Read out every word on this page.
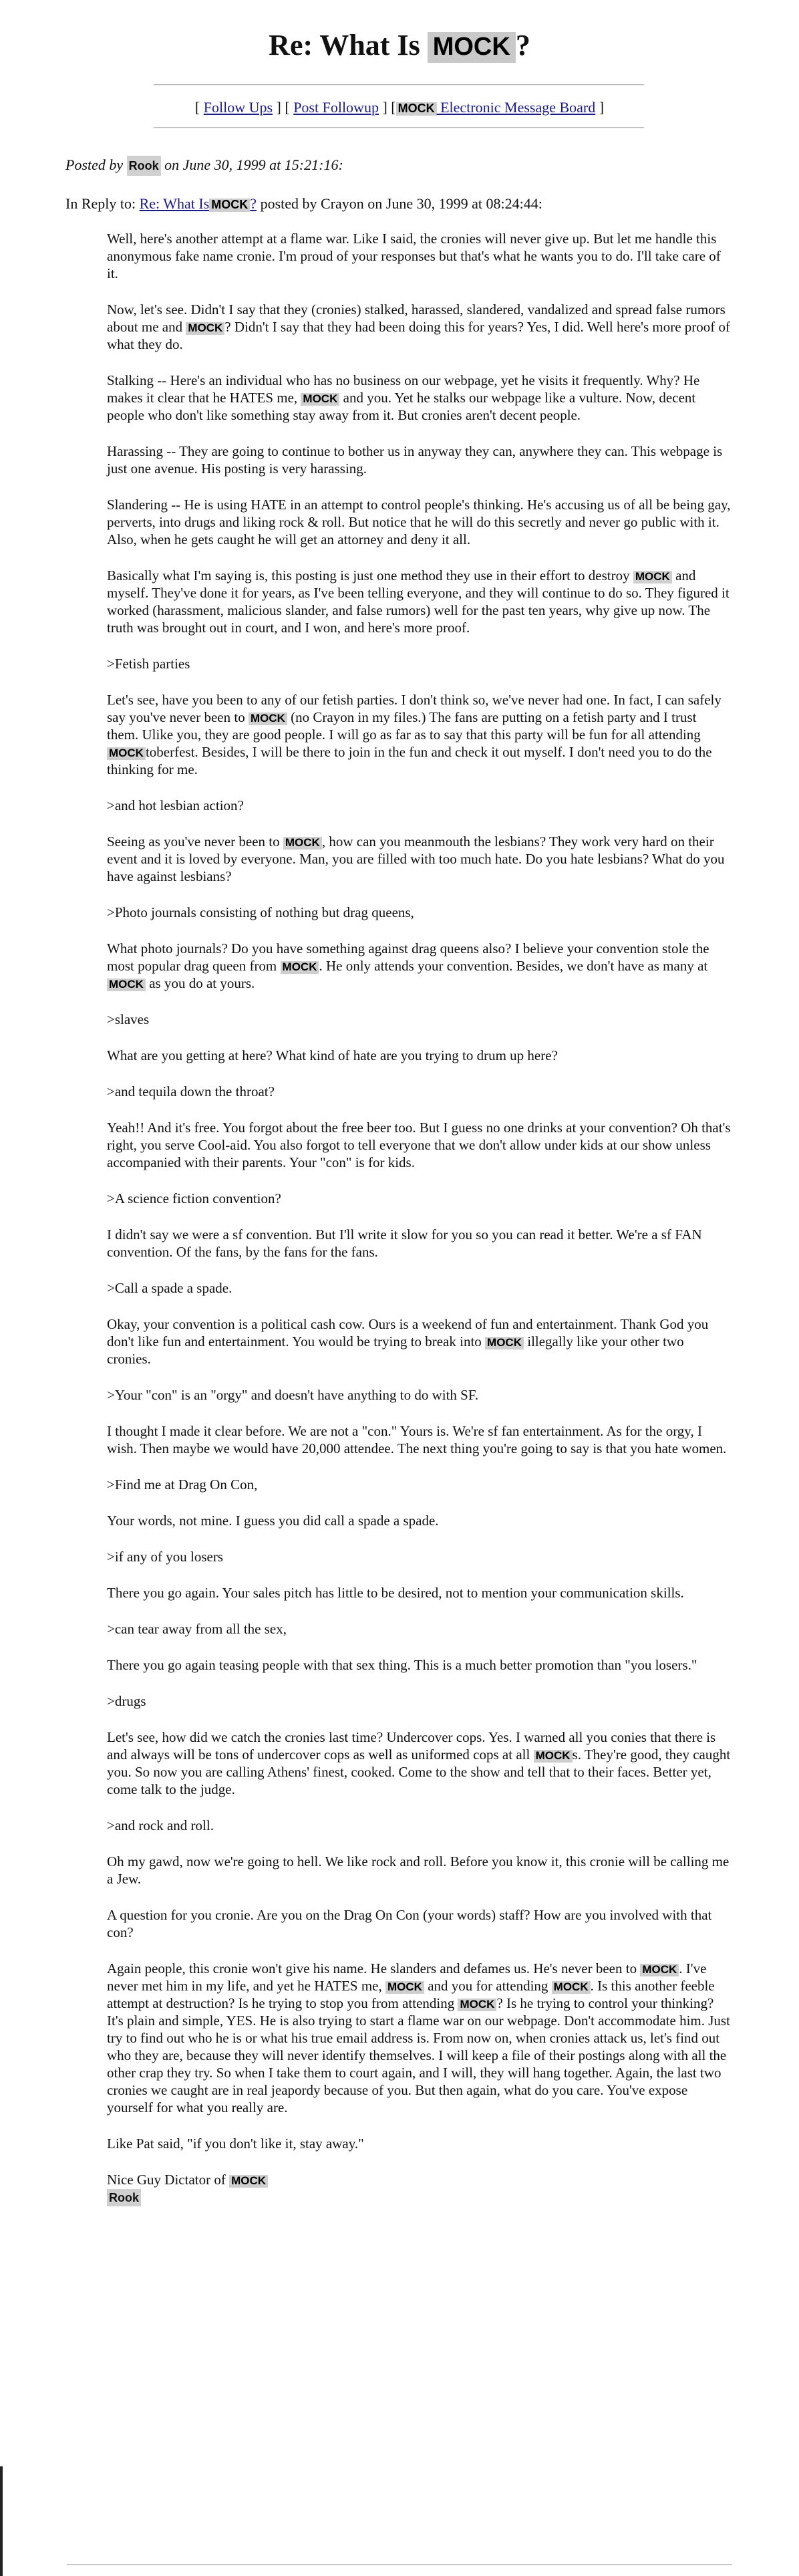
Re: What Is MOCK ?
[ Follow Ups ] [ Post Followup ] [ MOCK Electronic Message Board ]
Posted by Rook on June 30, 1999 at 15:21:16:
In Reply to: Re: What Is MOCK ? posted by Crayon on June 30, 1999 at 08:24:44:

Well, here's another attempt at a flame war. Like I said, the cronies will never give up. But let me handle this anonymous fake name cronie. I'm proud of your responses but that's what he wants you to do. I'll take care of it.

Now, let's see. Didn't I say that they (cronies) stalked, harassed, slandered, vandalized and spread false rumors about me and MOCK ? Didn't I say that they had been doing this for years? Yes, I did. Well here's more proof of what they do.

Stalking -- Here's an individual who has no business on our webpage, yet he visits it frequently. Why? He makes it clear that he HATES me, MOCK and you. Yet he stalks our webpage like a vulture. Now, decent people who don't like something stay away from it. But cronies aren't decent people.

Harassing -- They are going to continue to bother us in anyway they can, anywhere they can. This webpage is just one avenue. His posting is very harassing.

Slandering -- He is using HATE in an attempt to control people's thinking. He's accusing us of all be being gay, perverts, into drugs and liking rock & roll. But notice that he will do this secretly and never go public with it. Also, when he gets caught he will get an attorney and deny it all.

Basically what I'm saying is, this posting is just one method they use in their effort to destroy MOCK and myself. They've done it for years, as I've been telling everyone, and they will continue to do so. They figured it worked (harassment, malicious slander, and false rumors) well for the past ten years, why give up now. The truth was brought out in court, and I won, and here's more proof.

>Fetish parties

Let's see, have you been to any of our fetish parties. I don't think so, we've never had one. In fact, I can safely say you've never been to MOCK (no Crayon in my files.) The fans are putting on a fetish party and I trust them. Ulike you, they are good people. I will go as far as to say that this party will be fun for all attending MOCK toberfest. Besides, I will be there to join in the fun and check it out myself. I don't need you to do the thinking for me.

>and hot lesbian action?

Seeing as you've never been to MOCK , how can you meanmouth the lesbians? They work very hard on their event and it is loved by everyone. Man, you are filled with too much hate. Do you hate lesbians? What do you have against lesbians?

>Photo journals consisting of nothing but drag queens,

What photo journals? Do you have something against drag queens also? I believe your convention stole the most popular drag queen from MOCK . He only attends your convention. Besides, we don't have as many at MOCK as you do at yours.

>slaves

What are you getting at here? What kind of hate are you trying to drum up here?

>and tequila down the throat?

Yeah!! And it's free. You forgot about the free beer too. But I guess no one drinks at your convention? Oh that's right, you serve Cool-aid. You also forgot to tell everyone that we don't allow under kids at our show unless accompanied with their parents. Your "con" is for kids.

>A science fiction convention?

I didn't say we were a sf convention. But I'll write it slow for you so you can read it better. We're a sf FAN convention. Of the fans, by the fans for the fans.

>Call a spade a spade.

Okay, your convention is a political cash cow. Ours is a weekend of fun and entertainment. Thank God you don't like fun and entertainment. You would be trying to break into MOCK illegally like your other two cronies.

>Your "con" is an "orgy" and doesn't have anything to do with SF.

I thought I made it clear before. We are not a "con." Yours is. We're sf fan entertainment. As for the orgy, I wish. Then maybe we would have 20,000 attendee. The next thing you're going to say is that you hate women.

>Find me at Drag On Con,

Your words, not mine. I guess you did call a spade a spade.

>if any of you losers

There you go again. Your sales pitch has little to be desired, not to mention your communication skills.

>can tear away from all the sex,

There you go again teasing people with that sex thing. This is a much better promotion than "you losers."

>drugs

Let's see, how did we catch the cronies last time? Undercover cops. Yes. I warned all you conies that there is and always will be tons of undercover cops as well as uniformed cops at all MOCK s. They're good, they caught you. So now you are calling Athens' finest, cooked. Come to the show and tell that to their faces. Better yet, come talk to the judge.

>and rock and roll.

Oh my gawd, now we're going to hell. We like rock and roll. Before you know it, this cronie will be calling me a Jew.

A question for you cronie. Are you on the Drag On Con (your words) staff? How are you involved with that con?

Again people, this cronie won't give his name. He slanders and defames us. He's never been to MOCK . I've never met him in my life, and yet he HATES me, MOCK and you for attending MOCK . Is this another feeble attempt at destruction? Is he trying to stop you from attending MOCK ? Is he trying to control your thinking? It's plain and simple, YES. He is also trying to start a flame war on our webpage. Don't accommodate him. Just try to find out who he is or what his true email address is. From now on, when cronies attack us, let's find out who they are, because they will never identify themselves. I will keep a file of their postings along with all the other crap they try. So when I take them to court again, and I will, they will hang together. Again, the last two cronies we caught are in real jeapordy because of you. But then again, what do you care. You've expose yourself for what you really are.

Like Pat said, "if you don't like it, stay away."

Nice Guy Dictator of MOCK

Rook
